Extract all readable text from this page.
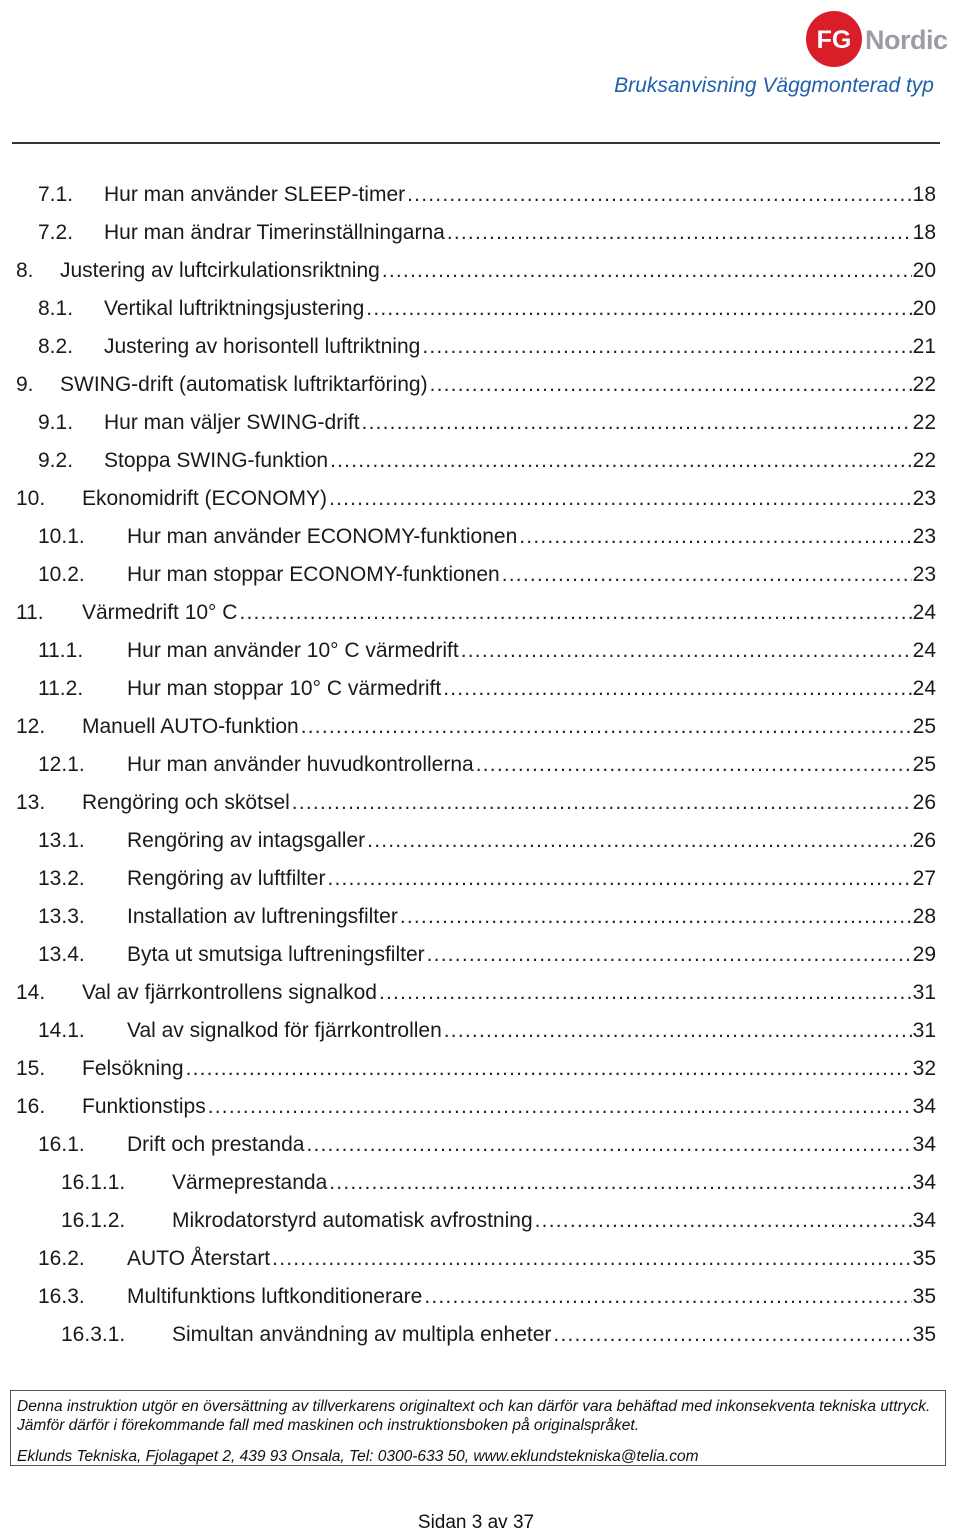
FG Nordic
Bruksanvisning Väggmonterad typ
7.1. Hur man använder SLEEP-timer .....	18
7.2. Hur man ändrar Timerinställningarna .....	18
8. Justering av luftcirkulationsriktning .....	20
8.1. Vertikal luftriktningsjustering .....	20
8.2. Justering av horisontell luftriktning .....	21
9. SWING-drift (automatisk luftriktarföring) .....	22
9.1. Hur man väljer SWING-drift .....	22
9.2. Stoppa SWING-funktion .....	22
10. Ekonomidrift (ECONOMY) .....	23
10.1. Hur man använder ECONOMY-funktionen .....	23
10.2. Hur man stoppar ECONOMY-funktionen .....	23
11. Värmedrift 10° C .....	24
11.1. Hur man använder 10° C värmedrift .....	24
11.2. Hur man stoppar 10° C värmedrift .....	24
12. Manuell AUTO-funktion .....	25
12.1. Hur man använder huvudkontrollerna .....	25
13. Rengöring och skötsel .....	26
13.1. Rengöring av intagsgaller .....	26
13.2. Rengöring av luftfilter .....	27
13.3. Installation av luftreningsfilter .....	28
13.4. Byta ut smutsiga luftreningsfilter .....	29
14. Val av fjärrkontrollens signalkod .....	31
14.1. Val av signalkod för fjärrkontrollen .....	31
15. Felsökning .....	32
16. Funktionstips .....	34
16.1. Drift och prestanda .....	34
16.1.1. Värmeprestanda .....	34
16.1.2. Mikrodatorstyrd automatisk avfrostning .....	34
16.2. AUTO Återstart .....	35
16.3. Multifunktions luftkonditionerare .....	35
16.3.1. Simultan användning av multipla enheter .....	35
Denna instruktion utgör en översättning av tillverkarens originaltext och kan därför vara behäftad med inkonsekventa tekniska uttryck. Jämför därför i förekommande fall med maskinen och instruktionsboken på originalspråket.
Eklunds Tekniska, Fjolagapet 2, 439 93 Onsala, Tel: 0300-633 50, www.eklundstekniska@telia.com
Sidan 3 av 37
